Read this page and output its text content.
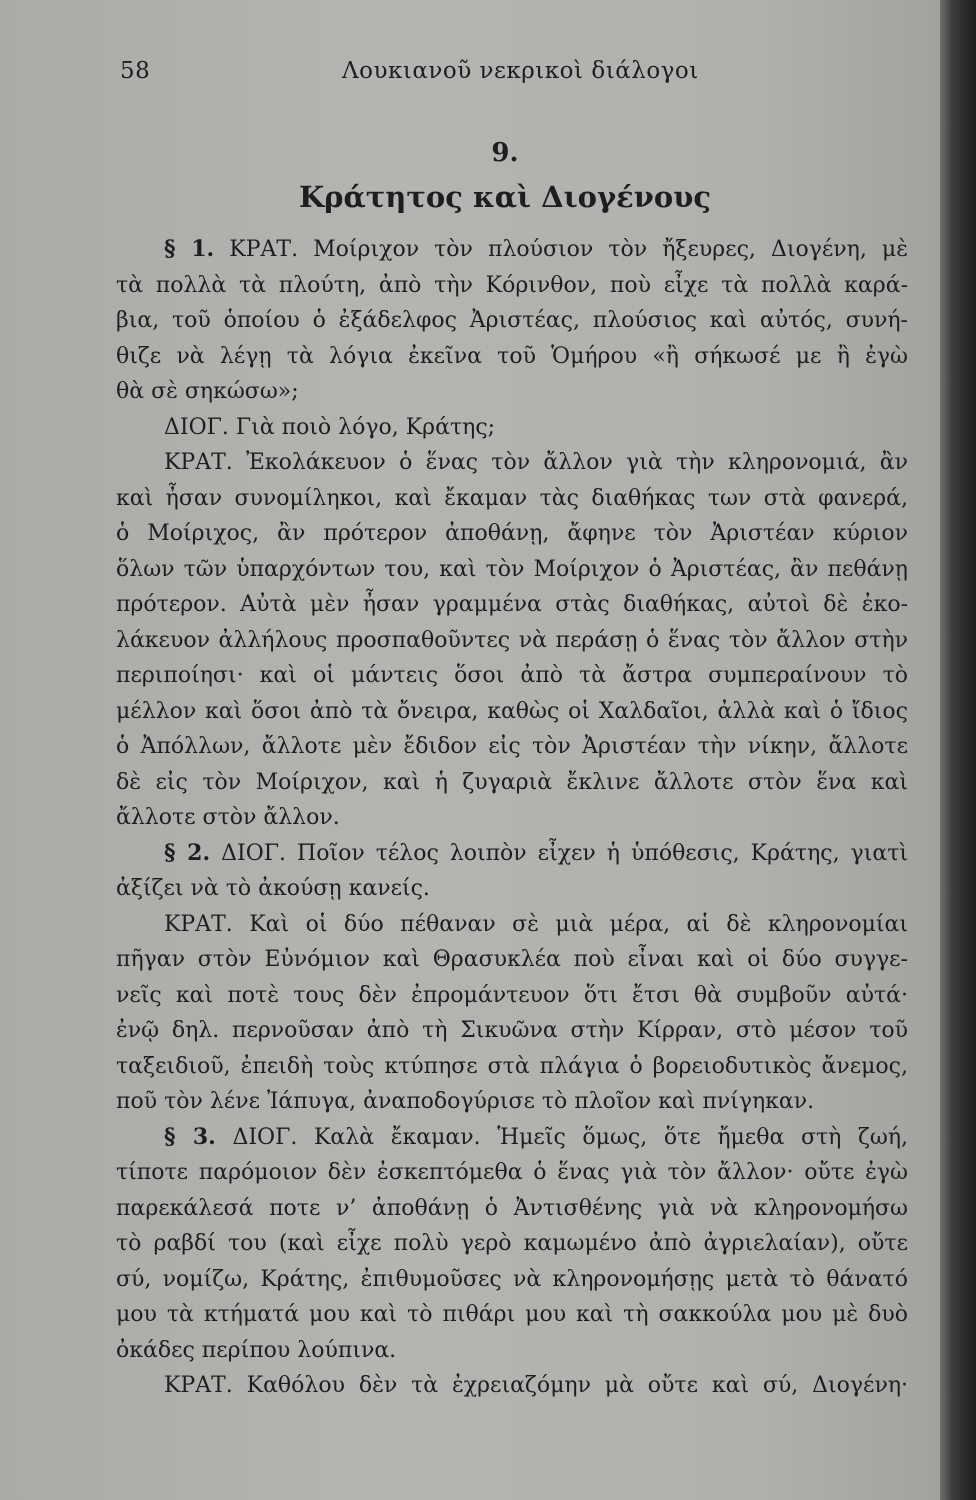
58	Λουκιανοῦ νεκρικοὶ διάλογοι
9.
Κράτητος καὶ Διογένους
§ 1. ΚΡΑΤ. Μοίριχον τὸν πλούσιον τὸν ἤξευρες, Διογένη, μὲ
τὰ πολλὰ τὰ πλούτη, ἀπὸ τὴν Κόρινθον, ποὺ εἶχε τὰ πολλὰ καρά-
βια, τοῦ ὁποίου ὁ ἐξάδελφος Ἀριστέας, πλούσιος καὶ αὐτός, συνή-
θιζε νὰ λέγῃ τὰ λόγια ἐκεῖνα τοῦ Ὁμήρου «ἢ σήκωσέ με ἢ ἐγὼ
θὰ σὲ σηκώσω»;
ΔΙΟΓ. Γιὰ ποιὸ λόγο, Κράτης;
ΚΡΑΤ. Ἐκολάκευον ὁ ἕνας τὸν ἄλλον γιὰ τὴν κληρονομιά, ἂν
καὶ ἦσαν συνομίληκοι, καὶ ἔκαμαν τὰς διαθήκας των στὰ φανερά,
ὁ Μοίριχος, ἂν πρότερον ἀποθάνῃ, ἄφηνε τὸν Ἀριστέαν κύριον
ὅλων τῶν ὑπαρχόντων του, καὶ τὸν Μοίριχον ὁ Ἀριστέας, ἂν πεθάνῃ
πρότερον. Αὐτὰ μὲν ἦσαν γραμμένα στὰς διαθήκας, αὐτοὶ δὲ ἐκο-
λάκευον ἀλλήλους προσπαθοῦντες νὰ περάσῃ ὁ ἕνας τὸν ἄλλον στὴν
περιποίησι· καὶ οἱ μάντεις ὅσοι ἀπὸ τὰ ἄστρα συμπεραίνουν τὸ
μέλλον καὶ ὅσοι ἀπὸ τὰ ὄνειρα, καθὼς οἱ Χαλδαῖοι, ἀλλὰ καὶ ὁ ἴδιος
ὁ Ἀπόλλων, ἄλλοτε μὲν ἔδιδον εἰς τὸν Ἀριστέαν τὴν νίκην, ἄλλοτε
δὲ εἰς τὸν Μοίριχον, καὶ ἡ ζυγαριὰ ἔκλινε ἄλλοτε στὸν ἕνα καὶ
ἄλλοτε στὸν ἄλλον.
§ 2. ΔΙΟΓ. Ποῖον τέλος λοιπὸν εἶχεν ἡ ὑπόθεσις, Κράτης, γιατὶ
ἀξίζει νὰ τὸ ἀκούσῃ κανείς.
ΚΡΑΤ. Καὶ οἱ δύο πέθαναν σὲ μιὰ μέρα, αἱ δὲ κληρονομίαι
πῆγαν στὸν Εὐνόμιον καὶ Θρασυκλέα ποὺ εἶναι καὶ οἱ δύο συγγε-
νεῖς καὶ ποτὲ τους δὲν ἐπρομάντευον ὅτι ἔτσι θὰ συμβοῦν αὐτά·
ἐνῷ δηλ. περνοῦσαν ἀπὸ τὴ Σικυῶνα στὴν Κίρραν, στὸ μέσον τοῦ
ταξειδιοῦ, ἐπειδὴ τοὺς κτύπησε στὰ πλάγια ὁ βορειοδυτικὸς ἄνεμος,
ποῦ τὸν λένε Ἰάπυγα, ἀναποδογύρισε τὸ πλοῖον καὶ πνίγηκαν.
§ 3. ΔΙΟΓ. Καλὰ ἔκαμαν. Ἡμεῖς ὅμως, ὅτε ἤμεθα στὴ ζωή,
τίποτε παρόμοιον δὲν ἐσκεπτόμεθα ὁ ἕνας γιὰ τὸν ἄλλον· οὔτε ἐγὼ
παρεκάλεσά ποτε ν’ ἀποθάνῃ ὁ Ἀντισθένης γιὰ νὰ κληρονομήσω
τὸ ραβδί του (καὶ εἶχε πολὺ γερὸ καμωμένο ἀπὸ ἀγριελαίαν), οὔτε
σύ, νομίζω, Κράτης, ἐπιθυμοῦσες νὰ κληρονομήσῃς μετὰ τὸ θάνατό
μου τὰ κτήματά μου καὶ τὸ πιθάρι μου καὶ τὴ σακκούλα μου μὲ δυὸ
ὀκάδες περίπου λούπινα.
ΚΡΑΤ. Καθόλου δὲν τὰ ἐχρειαζόμην μὰ οὔτε καὶ σύ, Διογένη·
